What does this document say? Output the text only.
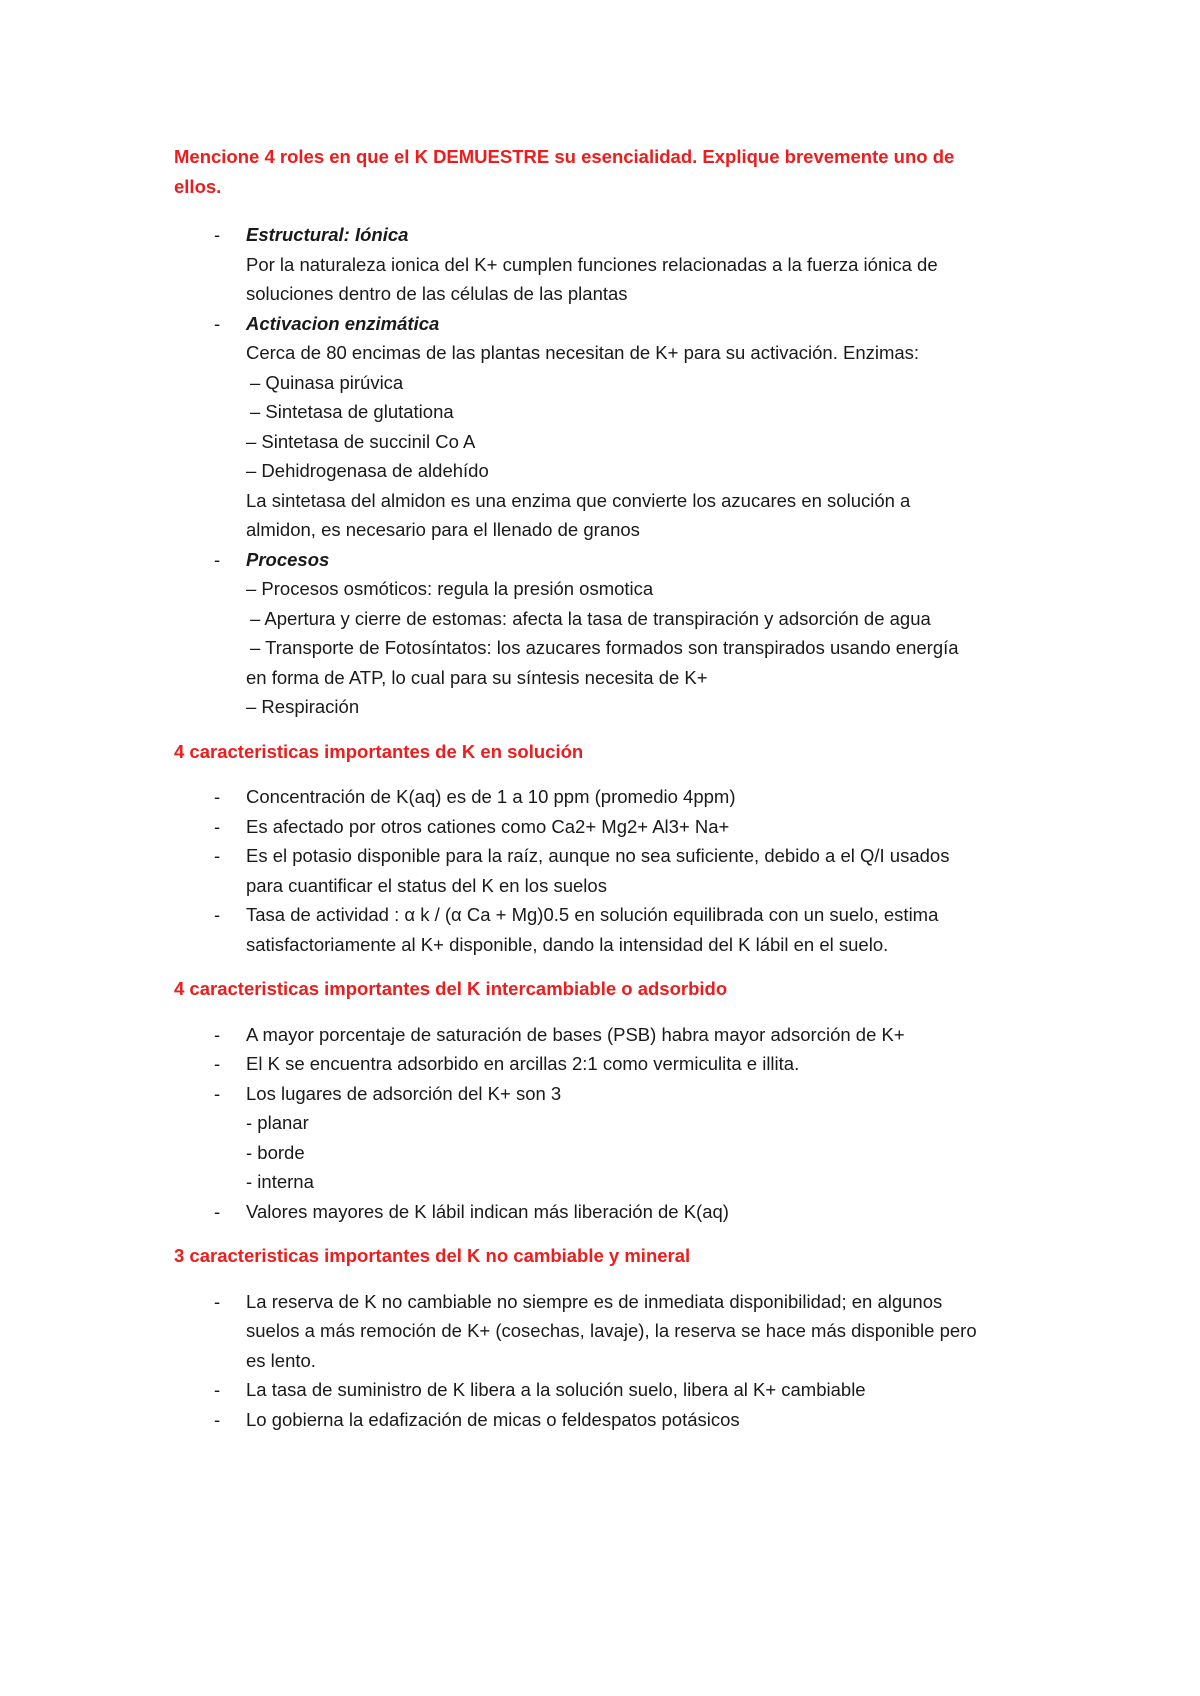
Mencione 4 roles en que el K DEMUESTRE su esencialidad. Explique brevemente uno de
ellos.

- Estructural: Iónica
Por la naturaleza ionica del K+ cumplen funciones relacionadas a la fuerza iónica de
soluciones dentro de las células de las plantas
- Activacion enzimática
Cerca de 80 encimas de las plantas necesitan de K+ para su activación. Enzimas:
– Quinasa pirúvica
– Sintetasa de glutationa
– Sintetasa de succinil Co A
– Dehidrogenasa de aldehído
La sintetasa del almidon es una enzima que convierte los azucares en solución a
almidon, es necesario para el llenado de granos
- Procesos
– Procesos osmóticos: regula la presión osmotica
– Apertura y cierre de estomas: afecta la tasa de transpiración y adsorción de agua
– Transporte de Fotosíntatos: los azucares formados son transpirados usando energía
en forma de ATP, lo cual para su síntesis necesita de K+
– Respiración

4 caracteristicas importantes de K en solución

- Concentración de K(aq) es de 1 a 10 ppm (promedio 4ppm)
- Es afectado por otros cationes como Ca2+ Mg2+ Al3+ Na+
- Es el potasio disponible para la raíz, aunque no sea suficiente, debido a el Q/I usados
para cuantificar el status del K en los suelos
- Tasa de actividad : α k / (α Ca + Mg)0.5 en solución equilibrada con un suelo, estima
satisfactoriamente al K+ disponible, dando la intensidad del K lábil en el suelo.

4 caracteristicas importantes del K intercambiable o adsorbido

- A mayor porcentaje de saturación de bases (PSB) habra mayor adsorción de K+
- El K se encuentra adsorbido en arcillas 2:1 como vermiculita e illita.
- Los lugares de adsorción del K+ son 3
- planar
- borde
- interna
- Valores mayores de K lábil indican más liberación de K(aq)

3 caracteristicas importantes del K no cambiable y mineral

- La reserva de K no cambiable no siempre es de inmediata disponibilidad; en algunos
suelos a más remoción de K+ (cosechas, lavaje), la reserva se hace más disponible pero
es lento.
- La tasa de suministro de K libera a la solución suelo, libera al K+ cambiable
- Lo gobierna la edafización de micas o feldespatos potásicos
